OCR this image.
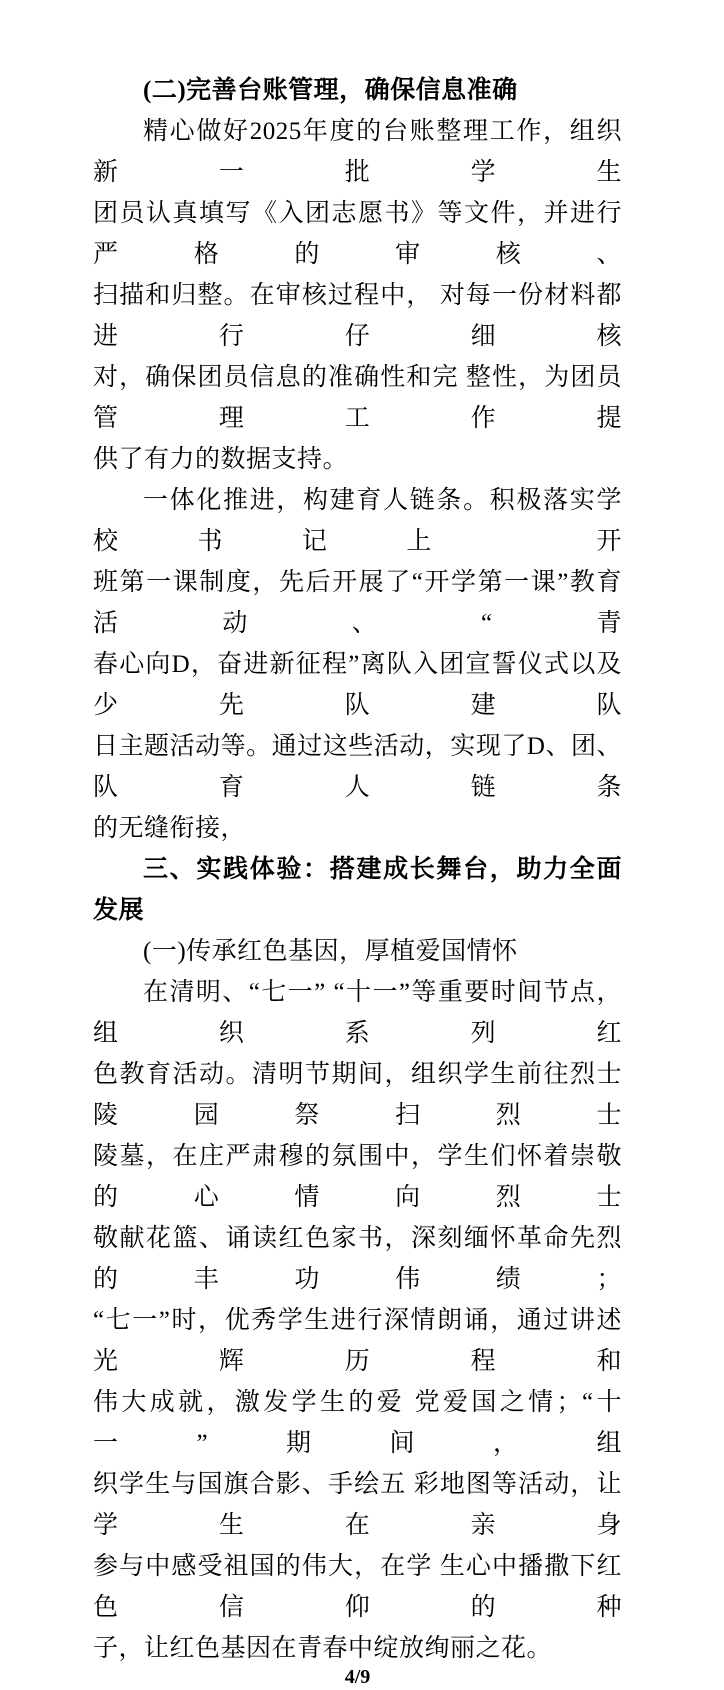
(二)完善台账管理，确保信息准确
精心做好2025年度的台账整理工作，组织新一批学生
团员认真填写《入团志愿书》等文件，并进行严格的审核、
扫描和归整。在审核过程中， 对每一份材料都进行仔细核
对，确保团员信息的准确性和完 整性，为团员管理工作提
供了有力的数据支持。
一体化推进，构建育人链条。积极落实学校书记上 开
班第一课制度，先后开展了“开学第一课”教育活动、“青
春心向D，奋进新征程”离队入团宣誓仪式以及少先队建队
日主题活动等。通过这些活动，实现了D、团、队育人链条
的无缝衔接，
三、实践体验：搭建成长舞台，助力全面发展
(一)传承红色基因，厚植爱国情怀
在清明、“七一” “十一”等重要时间节点，组织系列红
色教育活动。清明节期间，组织学生前往烈士陵园祭扫烈士
陵墓，在庄严肃穆的氛围中，学生们怀着崇敬的心情向烈士
敬献花篮、诵读红色家书，深刻缅怀革命先烈的丰功伟绩；
“七一”时，优秀学生进行深情朗诵，通过讲述光辉历程和
伟大成就，激发学生的爱 党爱国之情；“十一”期间，组
织学生与国旗合影、手绘五 彩地图等活动，让学生在亲身
参与中感受祖国的伟大，在学 生心中播撒下红色信仰的种
子，让红色基因在青春中绽放绚丽之花。
4/9
